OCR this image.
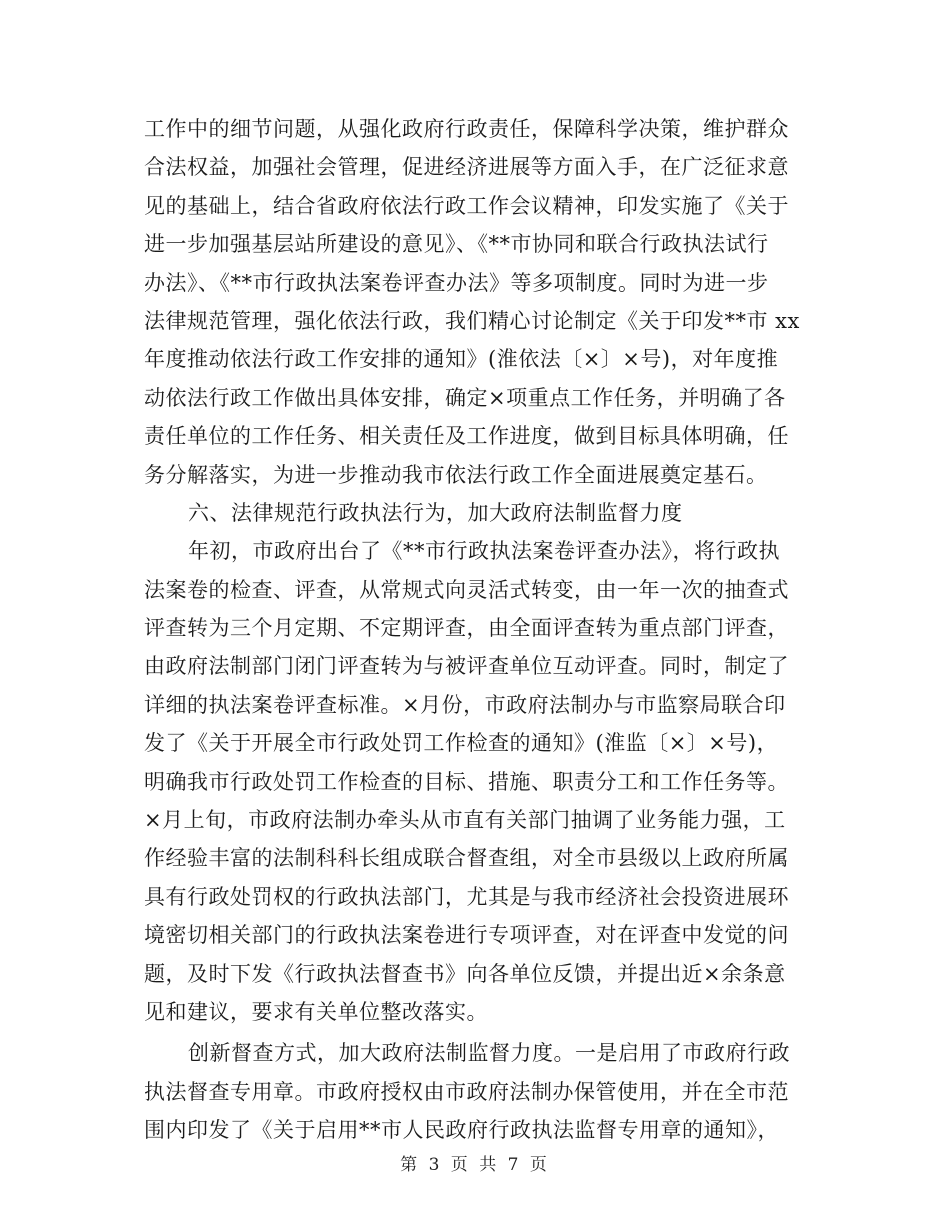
工作中的细节问题，从强化政府行政责任，保障科学决策，维护群众
合法权益，加强社会管理，促进经济进展等方面入手，在广泛征求意
见的基础上，结合省政府依法行政工作会议精神，印发实施了《关于
进一步加强基层站所建设的意见》、《**市协同和联合行政执法试行
办法》、《**市行政执法案卷评查办法》等多项制度。同时为进一步
法律规范管理，强化依法行政，我们精心讨论制定《关于印发**市 xx
年度推动依法行政工作安排的通知》(淮依法〔×〕×号)，对年度推
动依法行政工作做出具体安排，确定×项重点工作任务，并明确了各
责任单位的工作任务、相关责任及工作进度，做到目标具体明确，任
务分解落实，为进一步推动我市依法行政工作全面进展奠定基石。

六、法律规范行政执法行为，加大政府法制监督力度

年初，市政府出台了《**市行政执法案卷评查办法》，将行政执
法案卷的检查、评查，从常规式向灵活式转变，由一年一次的抽查式
评查转为三个月定期、不定期评查，由全面评查转为重点部门评查，
由政府法制部门闭门评查转为与被评查单位互动评查。同时，制定了
详细的执法案卷评查标准。×月份，市政府法制办与市监察局联合印
发了《关于开展全市行政处罚工作检查的通知》(淮监〔×〕×号)，
明确我市行政处罚工作检查的目标、措施、职责分工和工作任务等。
×月上旬，市政府法制办牵头从市直有关部门抽调了业务能力强，工
作经验丰富的法制科科长组成联合督查组，对全市县级以上政府所属
具有行政处罚权的行政执法部门，尤其是与我市经济社会投资进展环
境密切相关部门的行政执法案卷进行专项评查，对在评查中发觉的问
题，及时下发《行政执法督查书》向各单位反馈，并提出近×余条意
见和建议，要求有关单位整改落实。

创新督查方式，加大政府法制监督力度。一是启用了市政府行政
执法督查专用章。市政府授权由市政府法制办保管使用，并在全市范
围内印发了《关于启用**市人民政府行政执法监督专用章的通知》，

第 3 页 共 7 页
